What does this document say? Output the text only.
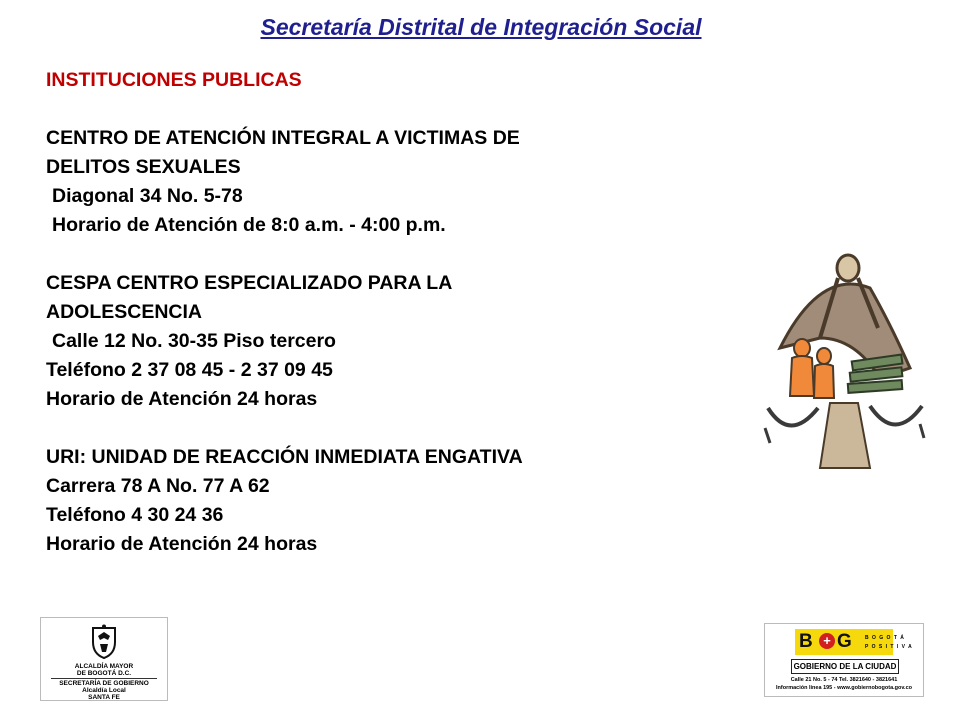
Secretaría Distrital de Integración Social

INSTITUCIONES PUBLICAS

CENTRO DE ATENCIÓN INTEGRAL A VICTIMAS DE

DELITOS SEXUALES

Diagonal 34 No. 5-78

Horario de Atención de 8:0 a.m. - 4:00 p.m.

CESPA CENTRO ESPECIALIZADO PARA LA

ADOLESCENCIA

Calle 12 No. 30-35 Piso tercero

Teléfono 2 37 08 45 - 2 37 09 45

Horario de Atención 24 horas

URI: UNIDAD DE REACCIÓN INMEDIATA ENGATIVA

Carrera 78 A No. 77 A 62

Teléfono 4 30 24 36

Horario de Atención 24 horas

ALCALDÍA MAYOR
DE BOGOTÁ D.C.
SECRETARÍA DE GOBIERNO
Alcaldía Local
SANTA FE
B + G	B O G O T Á
P O S I T I V A
GOBIERNO DE LA CIUDAD
Calle 21 No. 5 - 74 Tel. 3821640 - 3821641
Información línea 195 - www.gobiernobogota.gov.co
